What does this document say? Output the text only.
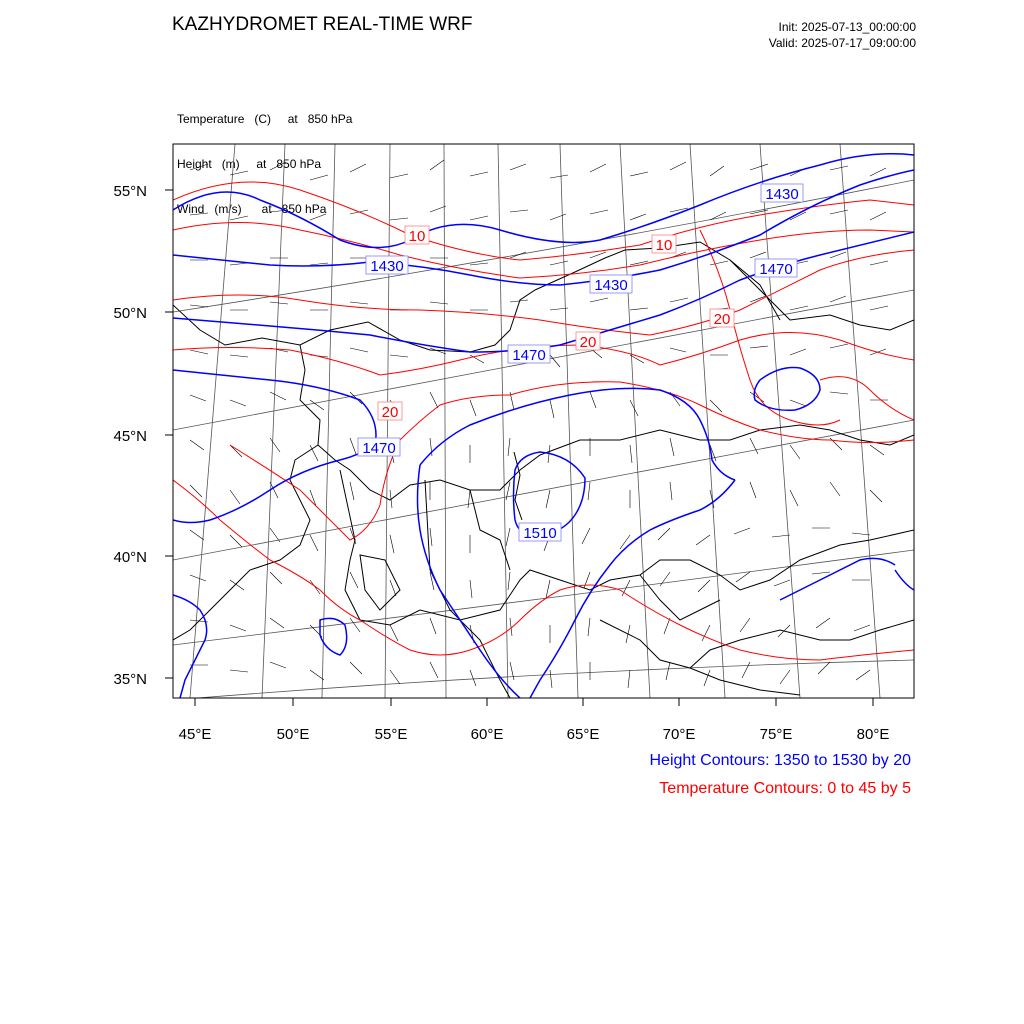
KAZHYDROMET REAL-TIME WRF	Init: 2025-07-13_00:00:00
Valid: 2025-07-17_09:00:00

Temperature   (C)     at   850 hPa

Height   (m)     at   850 hPa

Wind   (m/s)      at   850 hPa

1430
1430
1430
1470
1470
1470
1510
10
10
20
20
20
55°N
50°N
45°N
40°N
35°N
45°E	50°E	55°E	60°E	65°E	70°E	75°E	80°E
Height Contours: 1350 to 1530 by 20
Temperature Contours: 0 to 45 by 5
